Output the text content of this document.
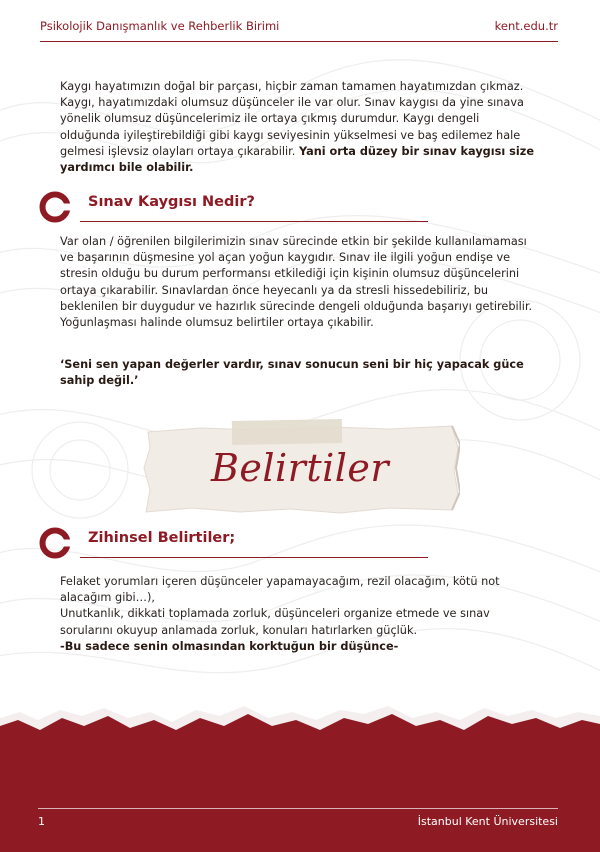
Psikolojik Danışmanlık ve Rehberlik Birimi	kent.edu.tr
Kaygı hayatımızın doğal bir parçası, hiçbir zaman tamamen hayatımızdan çıkmaz. Kaygı, hayatımızdaki olumsuz düşünceler ile var olur. Sınav kaygısı da yine sınava yönelik olumsuz düşüncelerimiz ile ortaya çıkmış durumdur. Kaygı dengeli olduğunda iyileştirebildiği gibi kaygı seviyesinin yükselmesi ve baş edilemez hale gelmesi işlevsiz olayları ortaya çıkarabilir. Yani orta düzey bir sınav kaygısı size yardımcı bile olabilir.
Sınav Kaygısı Nedir?
Var olan / öğrenilen bilgilerimizin sınav sürecinde etkin bir şekilde kullanılamaması ve başarının düşmesine yol açan yoğun kaygıdır. Sınav ile ilgili yoğun endişe ve stresin olduğu bu durum performansı etkilediği için kişinin olumsuz düşüncelerini ortaya çıkarabilir. Sınavlardan önce heyecanlı ya da stresli hissedebiliriz, bu beklenilen bir duygudur ve hazırlık sürecinde dengeli olduğunda başarıyı getirebilir. Yoğunlaşması halinde olumsuz belirtiler ortaya çıkabilir.
‘Seni sen yapan değerler vardır, sınav sonucun seni bir hiç yapacak güce sahip değil.’
Belirtiler
Zihinsel Belirtiler;
Felaket yorumları içeren düşünceler yapamayacağım, rezil olacağım, kötü not alacağım gibi…),
Unutkanlık, dikkati toplamada zorluk, düşünceleri organize etmede ve sınav sorularını okuyup anlamada zorluk, konuları hatırlarken güçlük.
-Bu sadece senin olmasından korktuğun bir düşünce-
1	İstanbul Kent Üniversitesi
